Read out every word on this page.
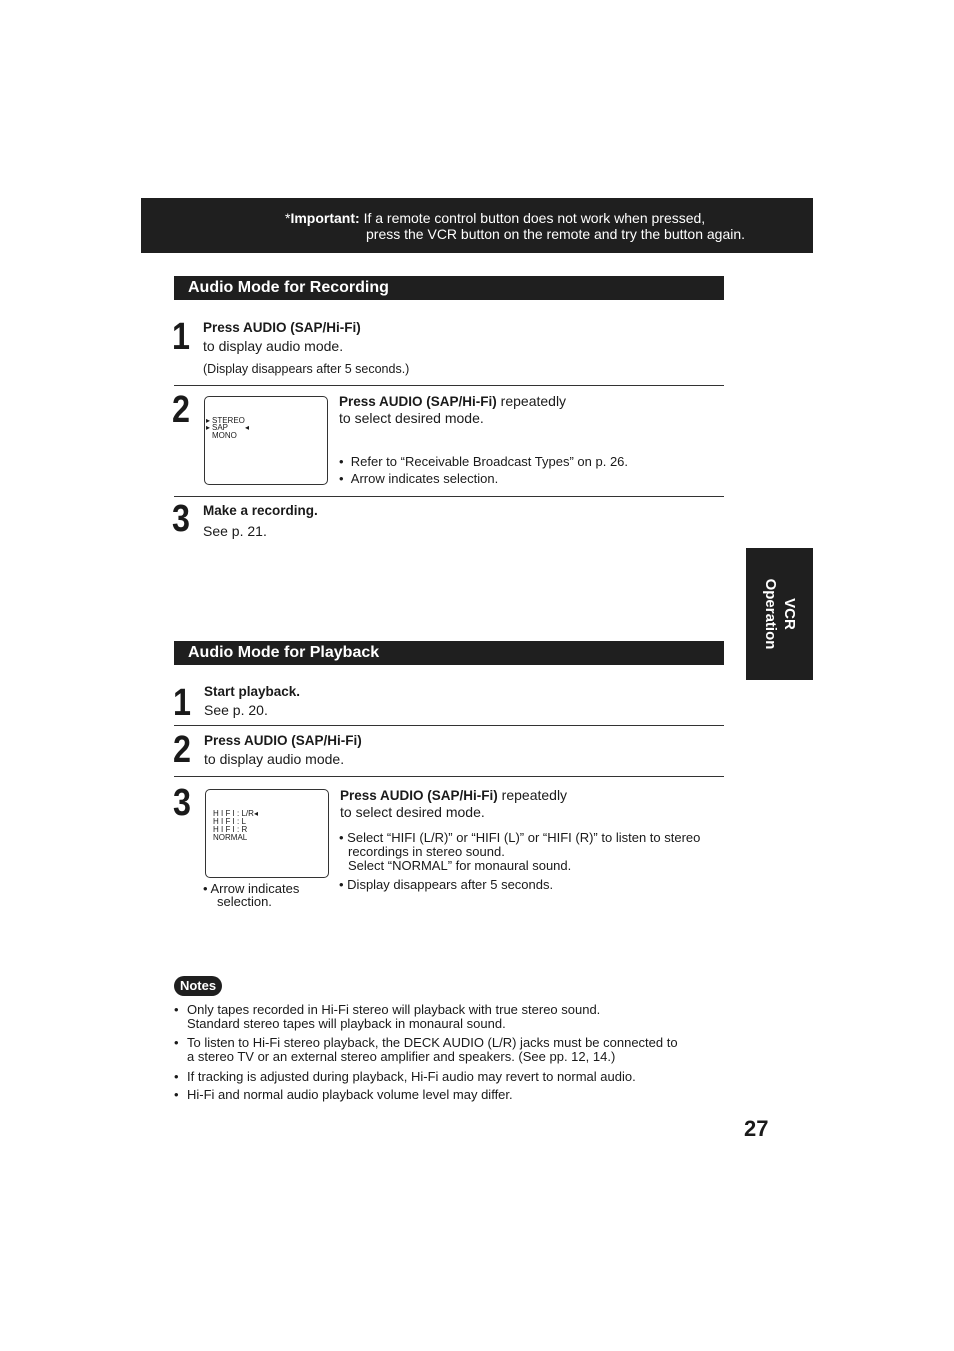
*Important: If a remote control button does not work when pressed,
press the VCR button on the remote and try the button again.
VCR
Operation
Audio Mode for Recording
1 Press AUDIO (SAP/Hi-Fi)
to display audio mode.
(Display disappears after 5 seconds.)
2 ▸ STEREO
▸ SAP ◂
MONO
Press AUDIO (SAP/Hi-Fi) repeatedly
to select desired mode.
•  Refer to “Receivable Broadcast Types” on p. 26.
•  Arrow indicates selection.
3 Make a recording.
See p. 21.
Audio Mode for Playback
1 Start playback.
See p. 20.
2 Press AUDIO (SAP/Hi-Fi)
to display audio mode.
3	H I F I : L/R ◂
H I F I : L
H I F I : R
NORMAL
• Arrow indicates
selection.
Press AUDIO (SAP/Hi-Fi) repeatedly
to select desired mode.
• Select “HIFI (L/R)” or “HIFI (L)” or “HIFI (R)” to listen to stereo
recordings in stereo sound.
Select “NORMAL” for monaural sound.
• Display disappears after 5 seconds.
Notes
• Only tapes recorded in Hi-Fi stereo will playback with true stereo sound.
Standard stereo tapes will playback in monaural sound.
• To listen to Hi-Fi stereo playback, the DECK AUDIO (L/R) jacks must be connected to
a stereo TV or an external stereo amplifier and speakers. (See pp. 12, 14.)
• If tracking is adjusted during playback, Hi-Fi audio may revert to normal audio.
• Hi-Fi and normal audio playback volume level may differ.
27
